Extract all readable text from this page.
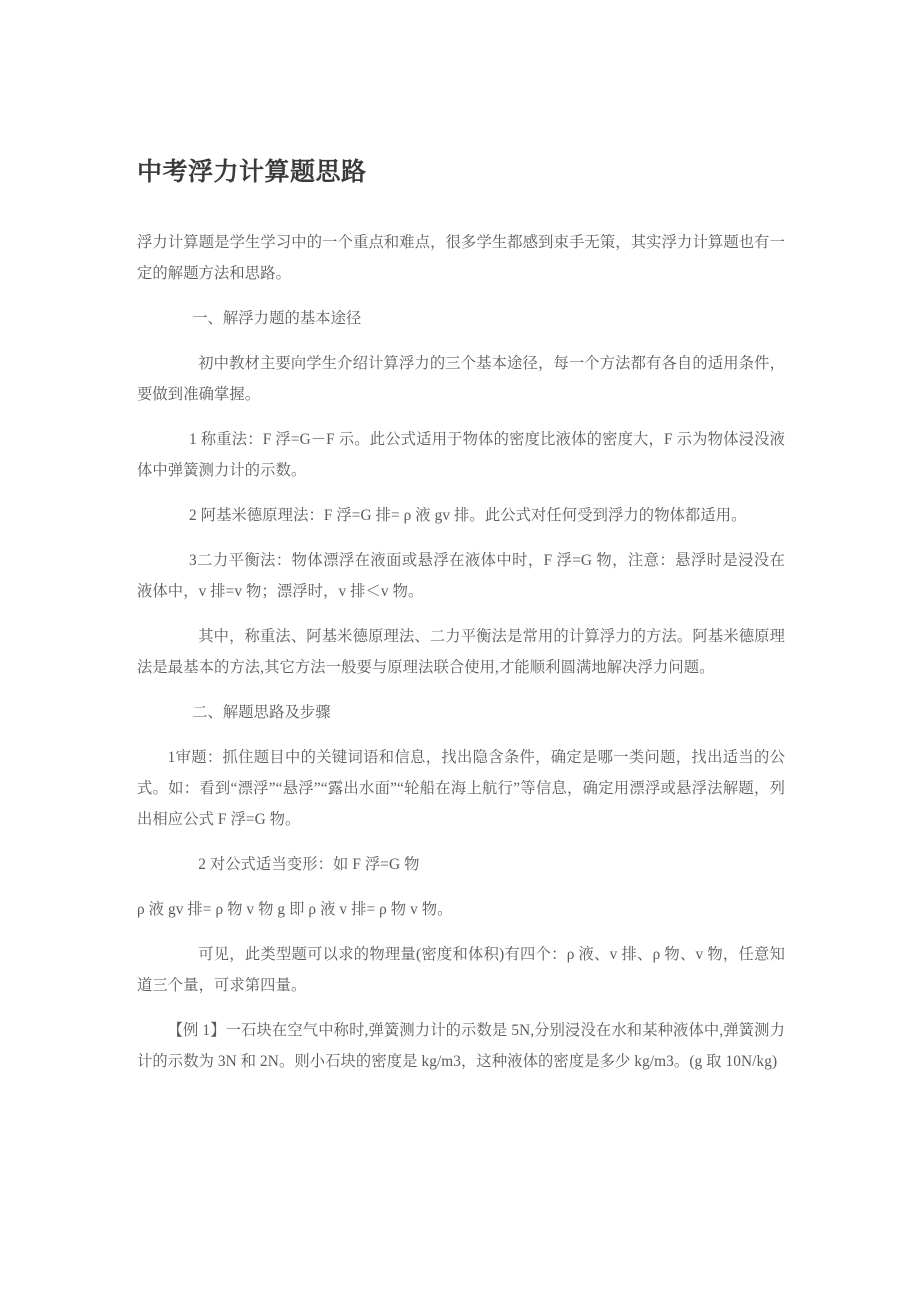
中考浮力计算题思路

浮力计算题是学生学习中的一个重点和难点，很多学生都感到束手无策，其实浮力计算题也有一定的解题方法和思路。

一、解浮力题的基本途径

初中教材主要向学生介绍计算浮力的三个基本途径，每一个方法都有各自的适用条件，要做到准确掌握。

1 称重法：F 浮=G－F 示。此公式适用于物体的密度比液体的密度大，F 示为物体浸没液体中弹簧测力计的示数。

2 阿基米德原理法：F 浮=G 排= ρ 液 gv 排。此公式对任何受到浮力的物体都适用。

3二力平衡法：物体漂浮在液面或悬浮在液体中时，F 浮=G 物，注意：悬浮时是浸没在液体中，v 排=v 物；漂浮时，v 排＜v 物。

其中，称重法、阿基米德原理法、二力平衡法是常用的计算浮力的方法。阿基米德原理法是最基本的方法,其它方法一般要与原理法联合使用,才能顺利圆满地解决浮力问题。

二、解题思路及步骤

1审题：抓住题目中的关键词语和信息，找出隐含条件，确定是哪一类问题，找出适当的公式。如：看到“漂浮”“悬浮”“露出水面”“轮船在海上航行”等信息，确定用漂浮或悬浮法解题，列出相应公式 F 浮=G 物。

2 对公式适当变形：如 F 浮=G 物

ρ 液 gv 排= ρ 物 v 物 g 即 ρ 液 v 排= ρ 物 v 物。

可见，此类型题可以求的物理量(密度和体积)有四个：ρ 液、v 排、ρ 物、v 物，任意知道三个量，可求第四量。

【例 1】一石块在空气中称时,弹簧测力计的示数是 5N,分别浸没在水和某种液体中,弹簧测力计的示数为 3N 和 2N。则小石块的密度是 kg/m3，这种液体的密度是多少 kg/m3。(g 取 10N/kg)
